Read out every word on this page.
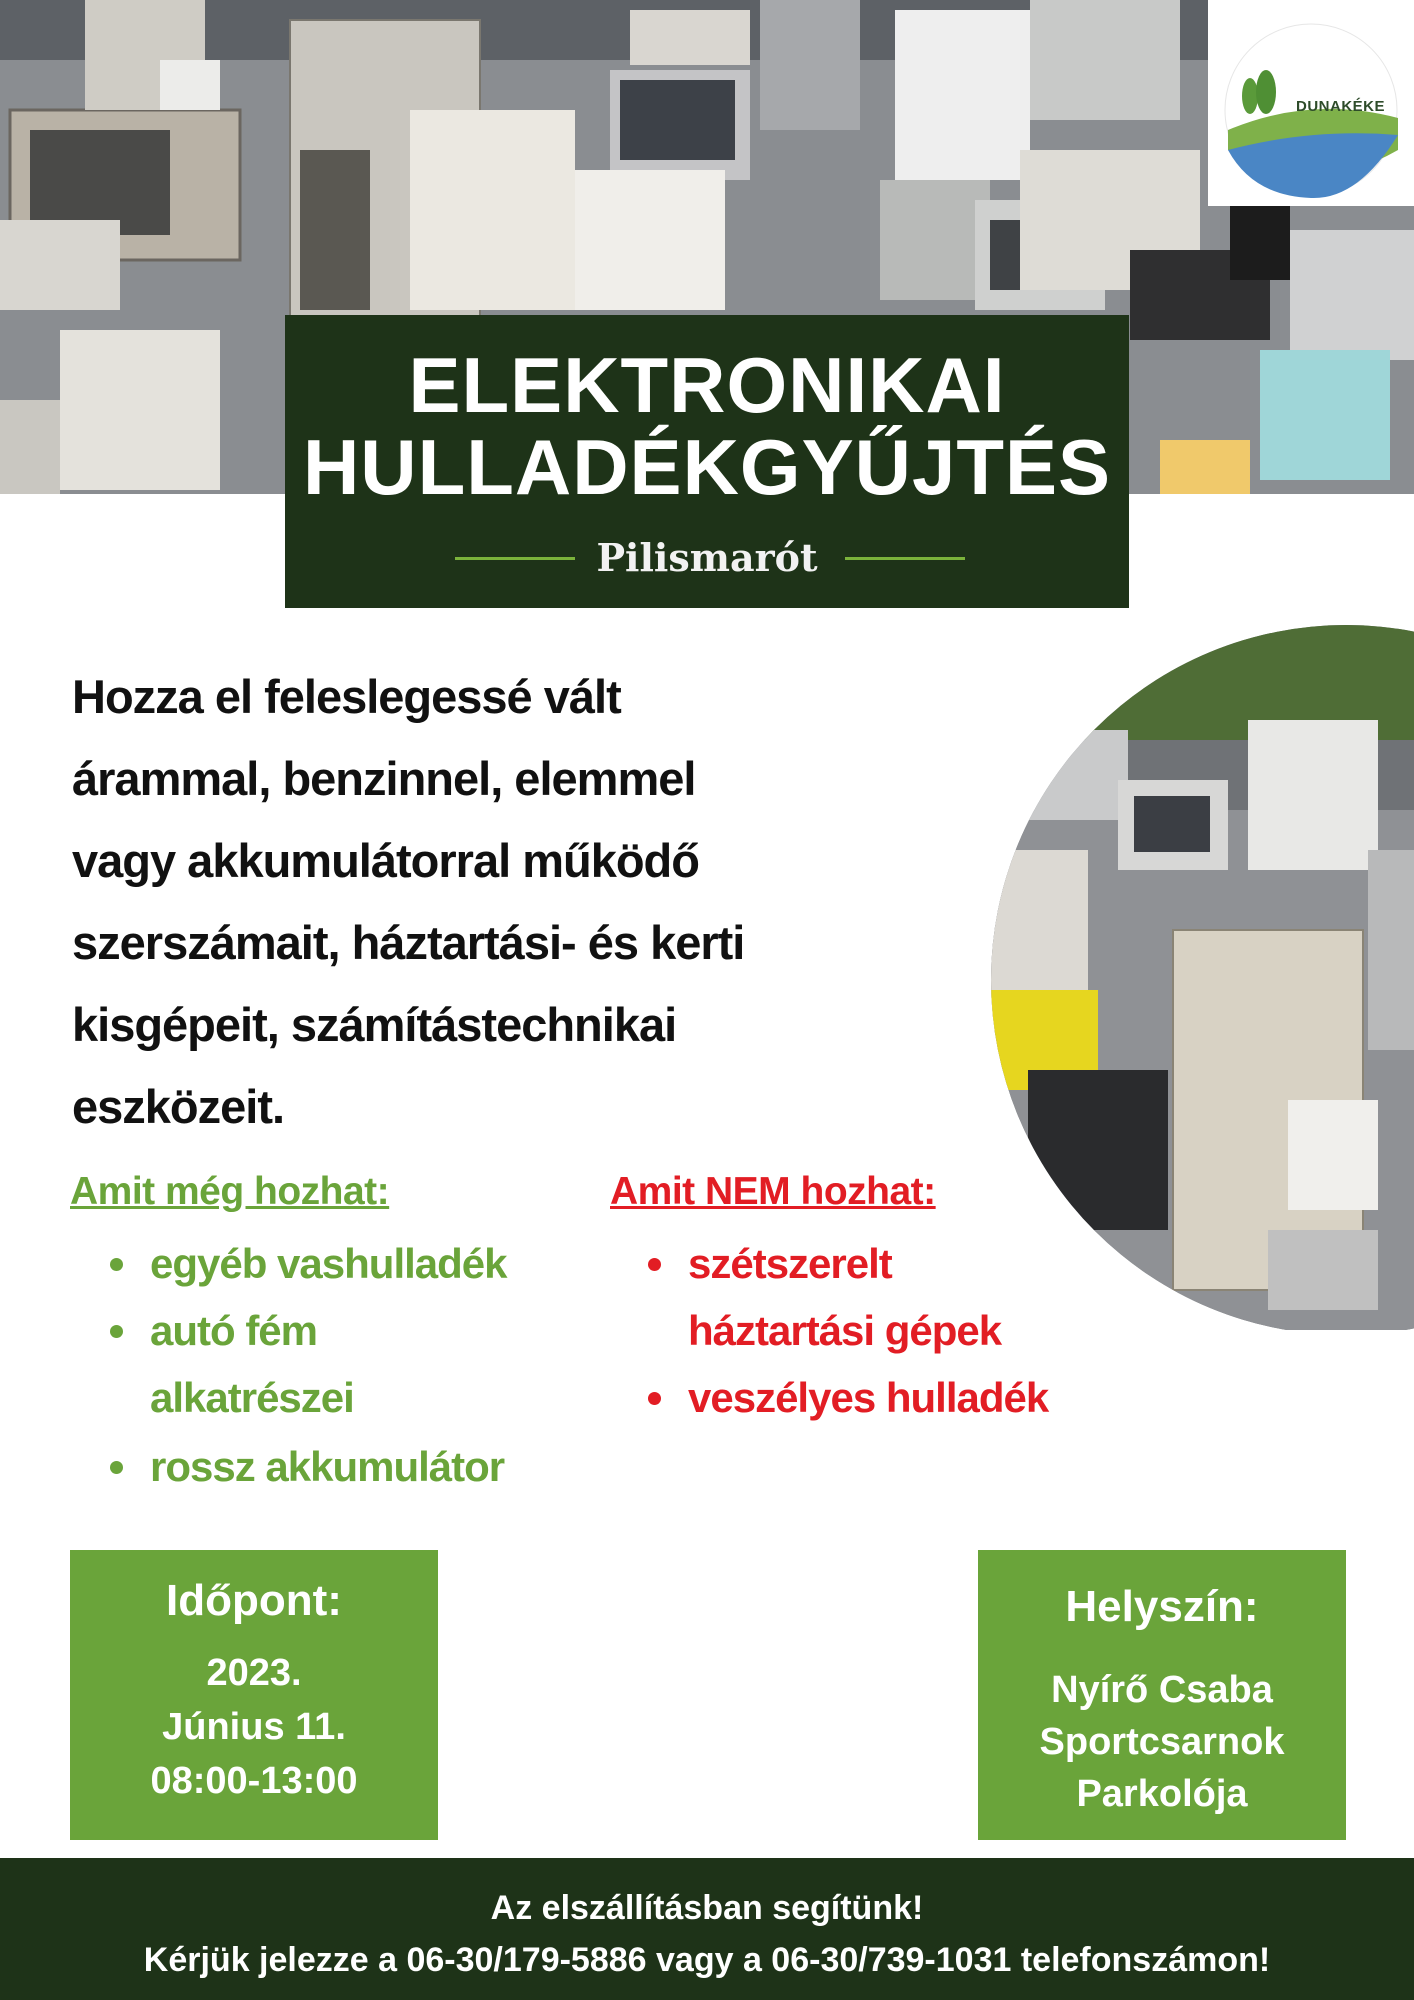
DUNAKÉKE
ELEKTRONIKAI
HULLADÉKGYŰJTÉS
Pilismarót
Hozza el feleslegessé vált
árammal, benzinnel, elemmel
vagy akkumulátorral működő
szerszámait, háztartási- és kerti
kisgépeit, számítástechnikai
eszközeit.
Amit még hozhat:
egyéb vashulladék
autó fém
alkatrészei
rossz akkumulátor
Amit NEM hozhat:
szétszerelt
háztartási gépek
veszélyes hulladék
Időpont:
2023.
Június 11.
08:00-13:00
Helyszín:
Nyírő Csaba
Sportcsarnok
Parkolója
Az elszállításban segítünk!
Kérjük jelezze a 06-30/179-5886 vagy a 06-30/739-1031 telefonszámon!
